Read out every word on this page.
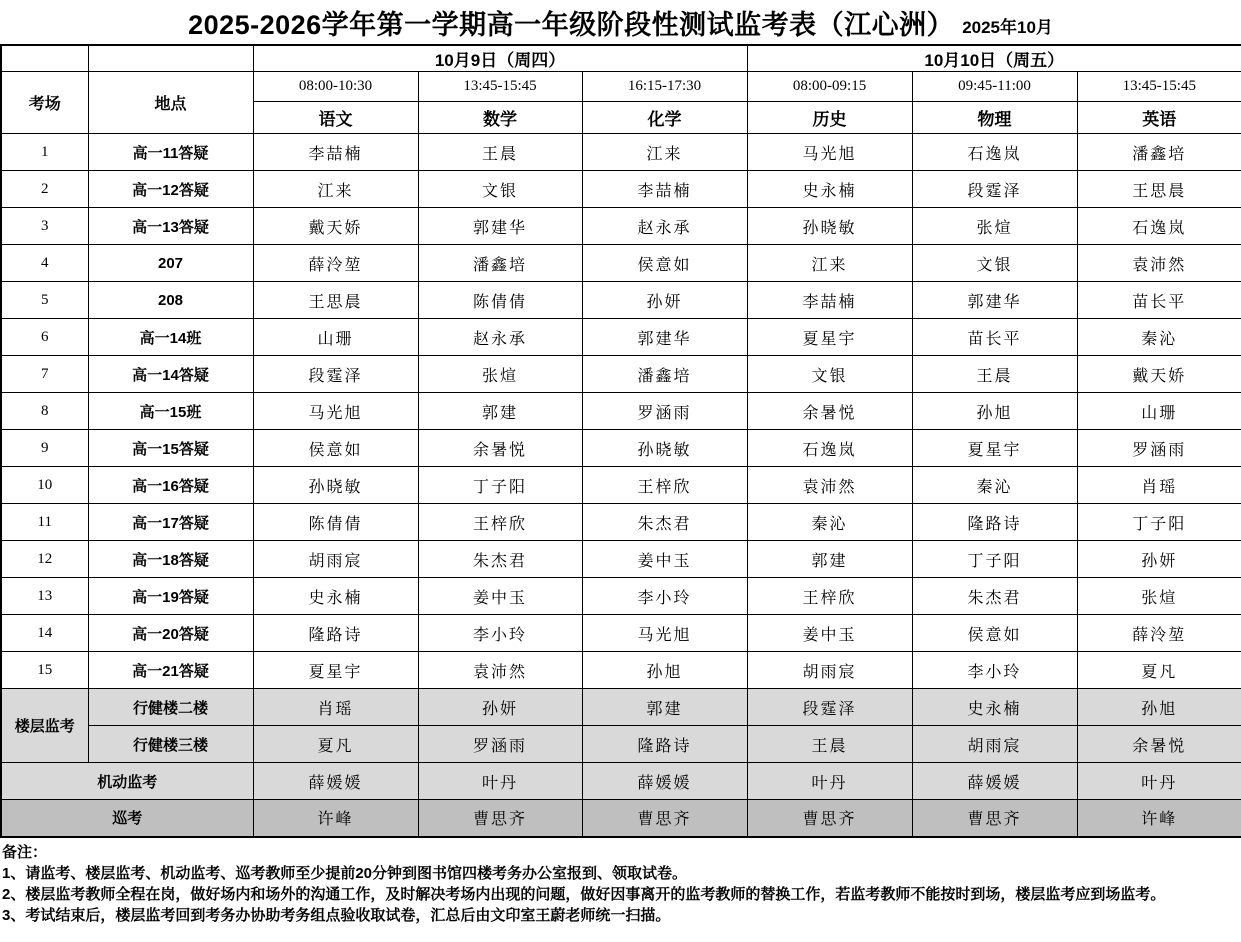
2025-2026学年第一学期高一年级阶段性测试监考表（江心洲） 2025年10月
		10月9日（周四）			10月10日（周五）		
考场	地点	08:00-10:30	13:45-15:45	16:15-17:30	08:00-09:15	09:45-11:00	13:45-15:45
		语文	数学	化学	历史	物理	英语
1	高一11答疑	李喆楠	王晨	江来	马光旭	石逸岚	潘鑫培
2	高一12答疑	江来	文银	李喆楠	史永楠	段霆泽	王思晨
3	高一13答疑	戴天娇	郭建华	赵永承	孙晓敏	张煊	石逸岚
4	207	薛泠堃	潘鑫培	侯意如	江来	文银	袁沛然
5	208	王思晨	陈倩倩	孙妍	李喆楠	郭建华	苗长平
6	高一14班	山珊	赵永承	郭建华	夏星宇	苗长平	秦沁
7	高一14答疑	段霆泽	张煊	潘鑫培	文银	王晨	戴天娇
8	高一15班	马光旭	郭建	罗涵雨	余暑悦	孙旭	山珊
9	高一15答疑	侯意如	余暑悦	孙晓敏	石逸岚	夏星宇	罗涵雨
10	高一16答疑	孙晓敏	丁子阳	王梓欣	袁沛然	秦沁	肖瑶
11	高一17答疑	陈倩倩	王梓欣	朱杰君	秦沁	隆路诗	丁子阳
12	高一18答疑	胡雨宸	朱杰君	姜中玉	郭建	丁子阳	孙妍
13	高一19答疑	史永楠	姜中玉	李小玲	王梓欣	朱杰君	张煊
14	高一20答疑	隆路诗	李小玲	马光旭	姜中玉	侯意如	薛泠堃
15	高一21答疑	夏星宇	袁沛然	孙旭	胡雨宸	李小玲	夏凡
楼层监考	行健楼二楼	肖瑶	孙妍	郭建	段霆泽	史永楠	孙旭
	行健楼三楼	夏凡	罗涵雨	隆路诗	王晨	胡雨宸	余暑悦
机动监考		薛媛媛	叶丹	薛媛媛	叶丹	薛媛媛	叶丹
巡考		许峰	曹思齐	曹思齐	曹思齐	曹思齐	许峰
备注：
1、请监考、楼层监考、机动监考、巡考教师至少提前20分钟到图书馆四楼考务办公室报到、领取试卷。
2、楼层监考教师全程在岗，做好场内和场外的沟通工作，及时解决考场内出现的问题，做好因事离开的监考教师的替换工作，若监考教师不能按时到场，楼层监考应到场监考。
3、考试结束后，楼层监考回到考务办协助考务组点验收取试卷，汇总后由文印室王蔚老师统一扫描。
